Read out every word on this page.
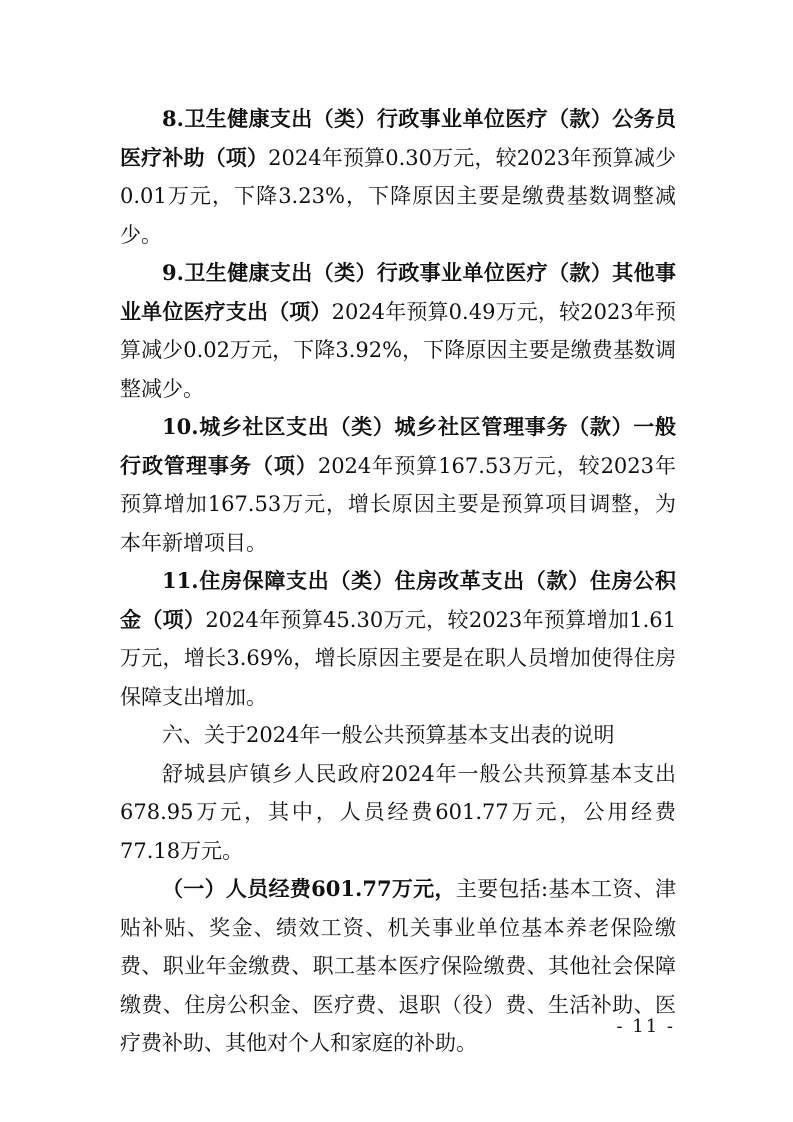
8.卫生健康支出（类）行政事业单位医疗（款）公务员医疗补助（项）2024年预算0.30万元，较2023年预算减少0.01万元，下降3.23%，下降原因主要是缴费基数调整减少。

9.卫生健康支出（类）行政事业单位医疗（款）其他事业单位医疗支出（项）2024年预算0.49万元，较2023年预算减少0.02万元，下降3.92%，下降原因主要是缴费基数调整减少。

10.城乡社区支出（类）城乡社区管理事务（款）一般行政管理事务（项）2024年预算167.53万元，较2023年预算增加167.53万元，增长原因主要是预算项目调整，为本年新增项目。

11.住房保障支出（类）住房改革支出（款）住房公积金（项）2024年预算45.30万元，较2023年预算增加1.61万元，增长3.69%，增长原因主要是在职人员增加使得住房保障支出增加。

六、关于2024年一般公共预算基本支出表的说明

舒城县庐镇乡人民政府2024年一般公共预算基本支出678.95万元，其中，人员经费601.77万元，公用经费77.18万元。

（一）人员经费601.77万元，主要包括:基本工资、津贴补贴、奖金、绩效工资、机关事业单位基本养老保险缴费、职业年金缴费、职工基本医疗保险缴费、其他社会保障缴费、住房公积金、医疗费、退职（役）费、生活补助、医疗费补助、其他对个人和家庭的补助。

- 11 -
